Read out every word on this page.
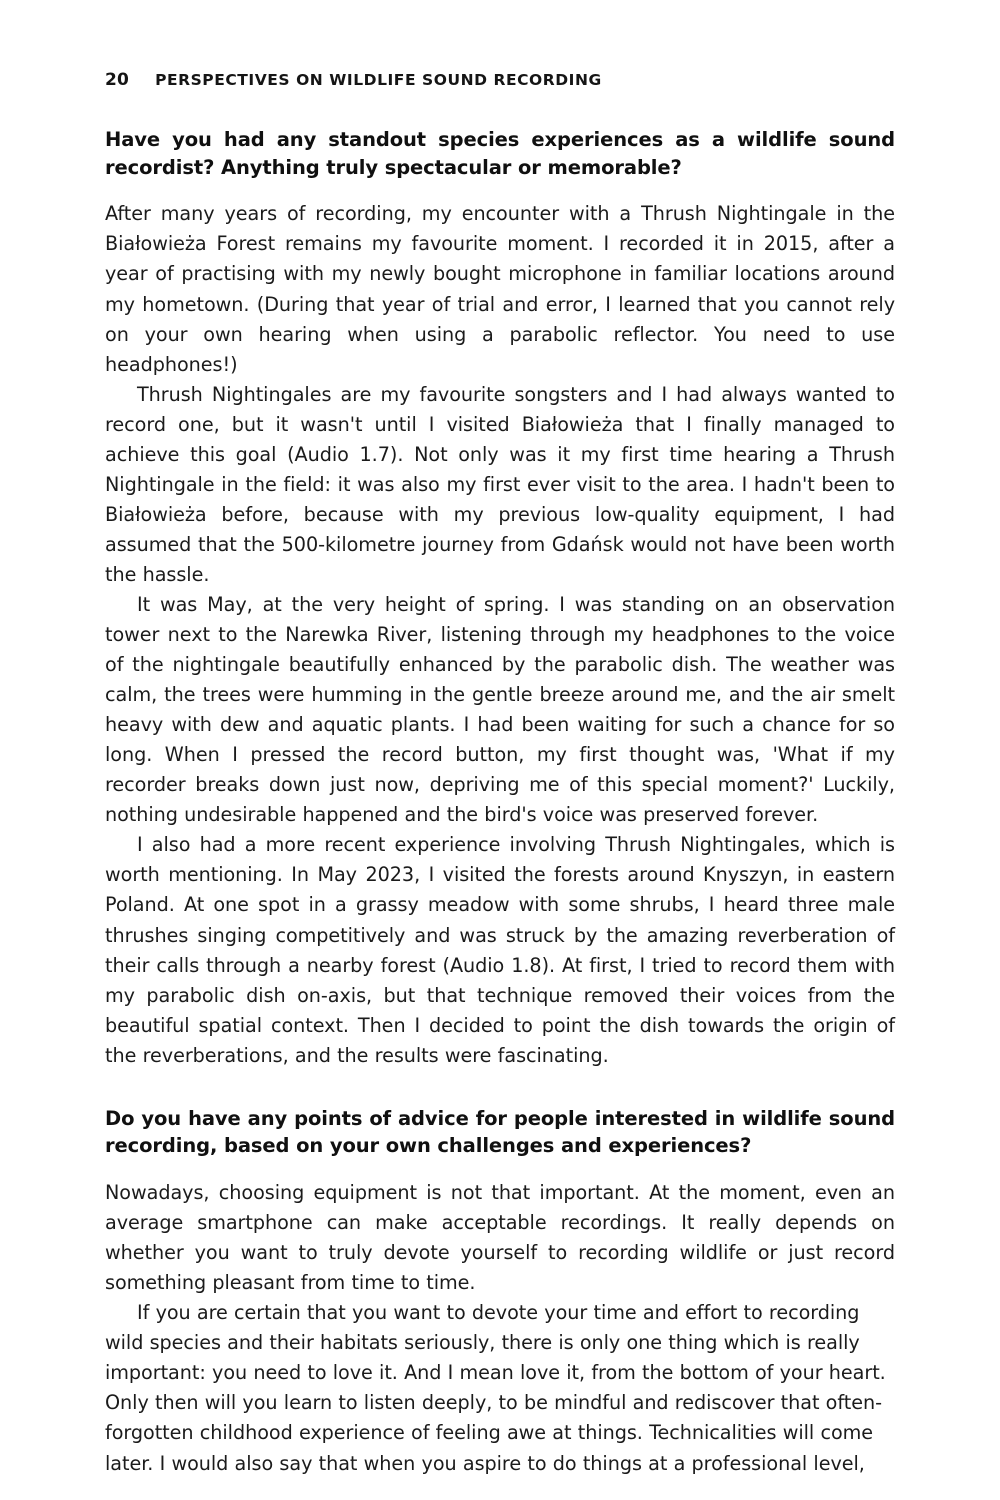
20 PERSPECTIVES ON WILDLIFE SOUND RECORDING
Have you had any standout species experiences as a wildlife sound recordist? Anything truly spectacular or memorable?

After many years of recording, my encounter with a Thrush Nightingale in the Białowieża Forest remains my favourite moment. I recorded it in 2015, after a year of practising with my newly bought microphone in familiar locations around my hometown. (During that year of trial and error, I learned that you cannot rely on your own hearing when using a parabolic reflector. You need to use headphones!)

Thrush Nightingales are my favourite songsters and I had always wanted to record one, but it wasn't until I visited Białowieża that I finally managed to achieve this goal (Audio 1.7). Not only was it my first time hearing a Thrush Nightingale in the field: it was also my first ever visit to the area. I hadn't been to Białowieża before, because with my previous low-quality equipment, I had assumed that the 500-kilometre journey from Gdańsk would not have been worth the hassle.

It was May, at the very height of spring. I was standing on an observation tower next to the Narewka River, listening through my headphones to the voice of the nightingale beautifully enhanced by the parabolic dish. The weather was calm, the trees were humming in the gentle breeze around me, and the air smelt heavy with dew and aquatic plants. I had been waiting for such a chance for so long. When I pressed the record button, my first thought was, 'What if my recorder breaks down just now, depriving me of this special moment?' Luckily, nothing undesirable happened and the bird's voice was preserved forever.

I also had a more recent experience involving Thrush Nightingales, which is worth mentioning. In May 2023, I visited the forests around Knyszyn, in eastern Poland. At one spot in a grassy meadow with some shrubs, I heard three male thrushes singing competitively and was struck by the amazing reverberation of their calls through a nearby forest (Audio 1.8). At first, I tried to record them with my parabolic dish on-axis, but that technique removed their voices from the beautiful spatial context. Then I decided to point the dish towards the origin of the reverberations, and the results were fascinating.

Do you have any points of advice for people interested in wildlife sound recording, based on your own challenges and experiences?

Nowadays, choosing equipment is not that important. At the moment, even an average smartphone can make acceptable recordings. It really depends on whether you want to truly devote yourself to recording wildlife or just record something pleasant from time to time.

If you are certain that you want to devote your time and effort to recording wild species and their habitats seriously, there is only one thing which is really important: you need to love it. And I mean love it, from the bottom of your heart. Only then will you learn to listen deeply, to be mindful and rediscover that often-forgotten childhood experience of feeling awe at things. Technicalities will come later. I would also say that when you aspire to do things at a professional level,
